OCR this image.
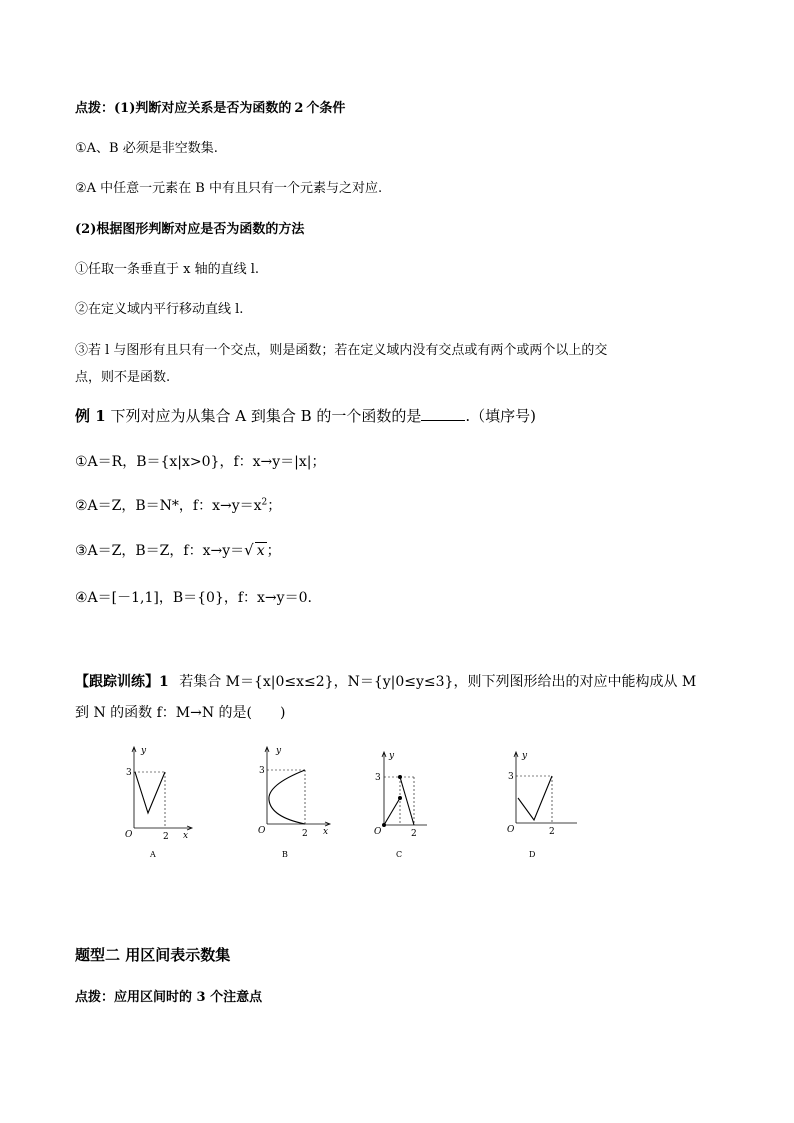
点拨：(1)判断对应关系是否为函数的 2 个条件
①A、B 必须是非空数集.
②A 中任意一元素在 B 中有且只有一个元素与之对应.
(2)根据图形判断对应是否为函数的方法
①任取一条垂直于 x 轴的直线 l.
②在定义域内平行移动直线 l.
③若 l 与图形有且只有一个交点，则是函数；若在定义域内没有交点或有两个或两个以上的交
点，则不是函数.
例 1 下列对应为从集合 A 到集合 B 的一个函数的是	.（填序号)
①A＝R，B＝{x|x>0}，f：x→y＝|x|；
②A＝Z，B＝N*，f：$x\to y=x^2$；
③A＝Z，B＝Z，f：x→y＝√ x ；
④A＝[－1,1]，B＝{0}，f：x→y＝0.
【跟踪训练】1 若集合 M＝{x|0≤x≤2}，N＝{y|0≤y≤3}，则下列图形给出的对应中能构成从 M
到 N 的函数 f：M→N 的是(　　)
y
3
O	2 x
A
y
3
O	2 x
B
y
3
O	2
C
y
3
O	2
D
题型二 用区间表示数集
点拨：应用区间时的 3 个注意点
